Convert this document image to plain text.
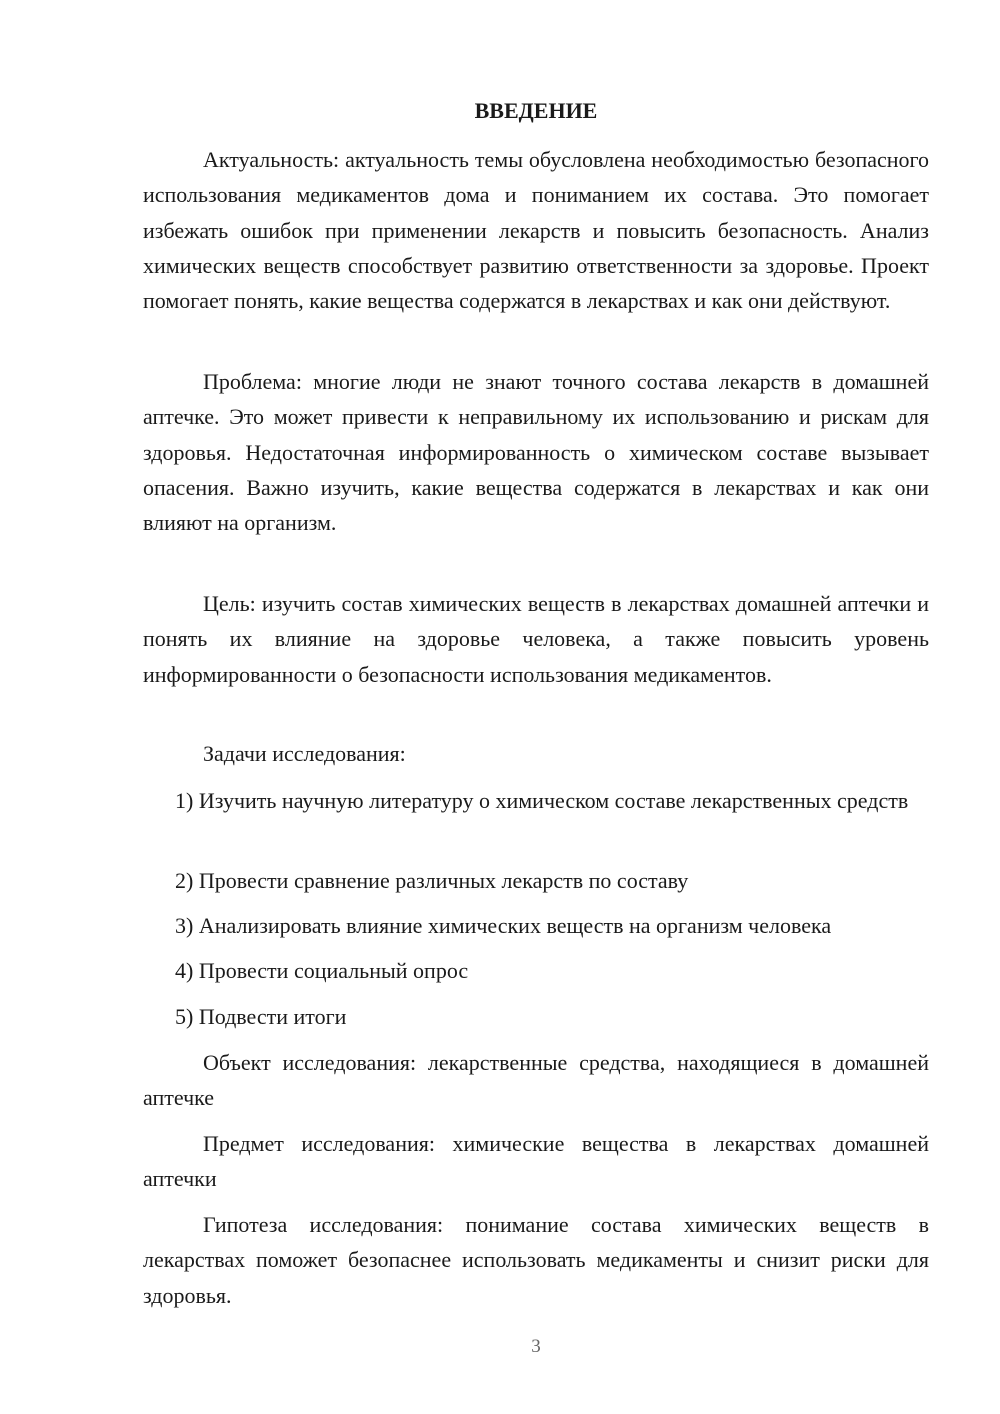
ВВЕДЕНИЕ

Актуальность: актуальность темы обусловлена необходимостью безопасного использования медикаментов дома и пониманием их состава. Это помогает избежать ошибок при применении лекарств и повысить безопасность. Анализ химических веществ способствует развитию ответственности за здоровье. Проект помогает понять, какие вещества содержатся в лекарствах и как они действуют.

Проблема: многие люди не знают точного состава лекарств в домашней аптечке. Это может привести к неправильному их использованию и рискам для здоровья. Недостаточная информированность о химическом составе вызывает опасения. Важно изучить, какие вещества содержатся в лекарствах и как они влияют на организм.

Цель: изучить состав химических веществ в лекарствах домашней аптечки и понять их влияние на здоровье человека, а также повысить уровень информированности о безопасности использования медикаментов.

Задачи исследования:

1) Изучить научную литературу о химическом составе лекарственных средств

2) Провести сравнение различных лекарств по составу

3) Анализировать влияние химических веществ на организм человека

4) Провести социальный опрос

5) Подвести итоги

Объект исследования: лекарственные средства, находящиеся в домашней аптечке

Предмет исследования: химические вещества в лекарствах домашней аптечки

Гипотеза исследования: понимание состава химических веществ в лекарствах поможет безопаснее использовать медикаменты и снизит риски для здоровья.

3
